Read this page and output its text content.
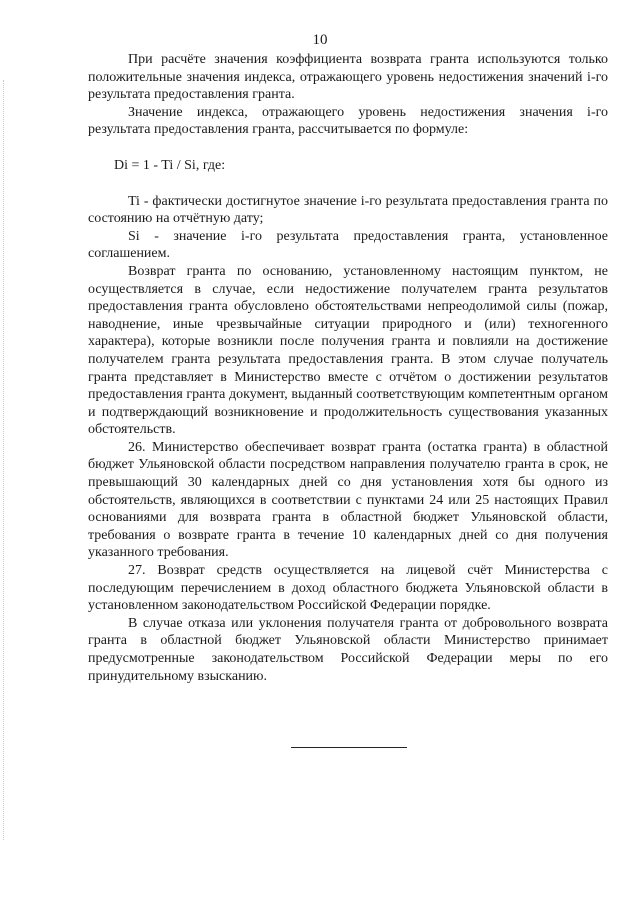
10

При расчёте значения коэффициента возврата гранта используются только положительные значения индекса, отражающего уровень недостижения значений i-го результата предоставления гранта.

Значение индекса, отражающего уровень недостижения значения i-го результата предоставления гранта, рассчитывается по формуле:

Di = 1 - Ti / Si, где:

Ti - фактически достигнутое значение i-го результата предоставления гранта по состоянию на отчётную дату;

Si - значение i-го результата предоставления гранта, установленное соглашением.

Возврат гранта по основанию, установленному настоящим пунктом, не осуществляется в случае, если недостижение получателем гранта результатов предоставления гранта обусловлено обстоятельствами непреодолимой силы (пожар, наводнение, иные чрезвычайные ситуации природного и (или) техногенного характера), которые возникли после получения гранта и повлияли на достижение получателем гранта результата предоставления гранта. В этом случае получатель гранта представляет в Министерство вместе с отчётом о достижении результатов предоставления гранта документ, выданный соответствующим компетентным органом и подтверждающий возникновение и продолжительность существования указанных обстоятельств.

26. Министерство обеспечивает возврат гранта (остатка гранта) в областной бюджет Ульяновской области посредством направления получателю гранта в срок, не превышающий 30 календарных дней со дня установления хотя бы одного из обстоятельств, являющихся в соответствии с пунктами 24 или 25 настоящих Правил основаниями для возврата гранта в областной бюджет Ульяновской области, требования о возврате гранта в течение 10 календарных дней со дня получения указанного требования.

27. Возврат средств осуществляется на лицевой счёт Министерства с последующим перечислением в доход областного бюджета Ульяновской области в установленном законодательством Российской Федерации порядке.

В случае отказа или уклонения получателя гранта от добровольного возврата гранта в областной бюджет Ульяновской области Министерство принимает предусмотренные законодательством Российской Федерации меры по его принудительному взысканию.
